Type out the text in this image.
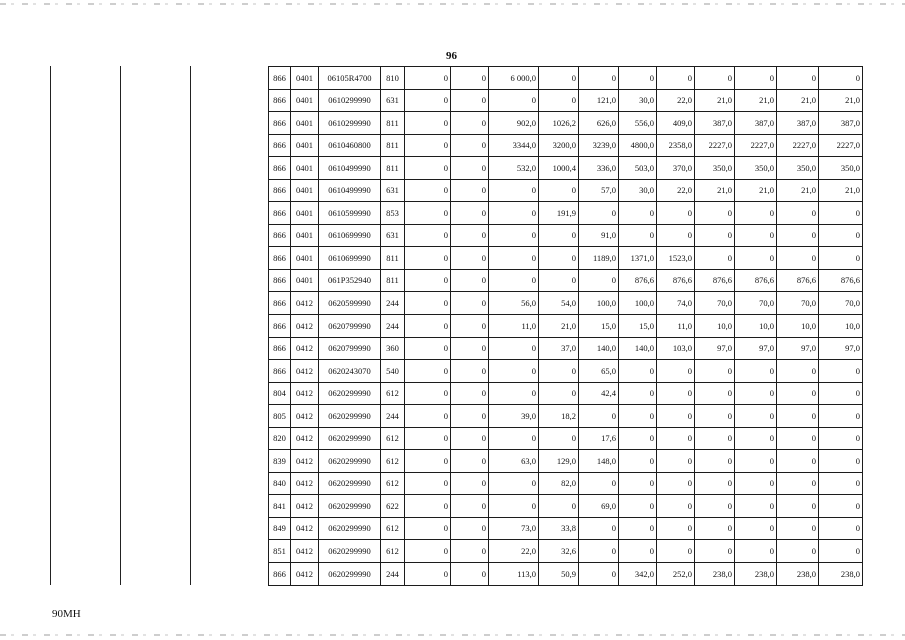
96
866	0401	06105R4700	810	0	0	6 000,0	0	0	0	0	0	0	0	0
866	0401	0610299990	631	0	0	0	0	121,0	30,0	22,0	21,0	21,0	21,0	21,0
866	0401	0610299990	811	0	0	902,0	1026,2	626,0	556,0	409,0	387,0	387,0	387,0	387,0
866	0401	0610460800	811	0	0	3344,0	3200,0	3239,0	4800,0	2358,0	2227,0	2227,0	2227,0	2227,0
866	0401	0610499990	811	0	0	532,0	1000,4	336,0	503,0	370,0	350,0	350,0	350,0	350,0
866	0401	0610499990	631	0	0	0	0	57,0	30,0	22,0	21,0	21,0	21,0	21,0
866	0401	0610599990	853	0	0	0	191,9	0	0	0	0	0	0	0
866	0401	0610699990	631	0	0	0	0	91,0	0	0	0	0	0	0
866	0401	0610699990	811	0	0	0	0	1189,0	1371,0	1523,0	0	0	0	0
866	0401	061P352940	811	0	0	0	0	0	876,6	876,6	876,6	876,6	876,6	876,6
866	0412	0620599990	244	0	0	56,0	54,0	100,0	100,0	74,0	70,0	70,0	70,0	70,0
866	0412	0620799990	244	0	0	11,0	21,0	15,0	15,0	11,0	10,0	10,0	10,0	10,0
866	0412	0620799990	360	0	0	0	37,0	140,0	140,0	103,0	97,0	97,0	97,0	97,0
866	0412	0620243070	540	0	0	0	0	65,0	0	0	0	0	0	0
804	0412	0620299990	612	0	0	0	0	42,4	0	0	0	0	0	0
805	0412	0620299990	244	0	0	39,0	18,2	0	0	0	0	0	0	0
820	0412	0620299990	612	0	0	0	0	17,6	0	0	0	0	0	0
839	0412	0620299990	612	0	0	63,0	129,0	148,0	0	0	0	0	0	0
840	0412	0620299990	612	0	0	0	82,0	0	0	0	0	0	0	0
841	0412	0620299990	622	0	0	0	0	69,0	0	0	0	0	0	0
849	0412	0620299990	612	0	0	73,0	33,8	0	0	0	0	0	0	0
851	0412	0620299990	612	0	0	22,0	32,6	0	0	0	0	0	0	0
866	0412	0620299990	244	0	0	113,0	50,9	0	342,0	252,0	238,0	238,0	238,0	238,0
90MH
